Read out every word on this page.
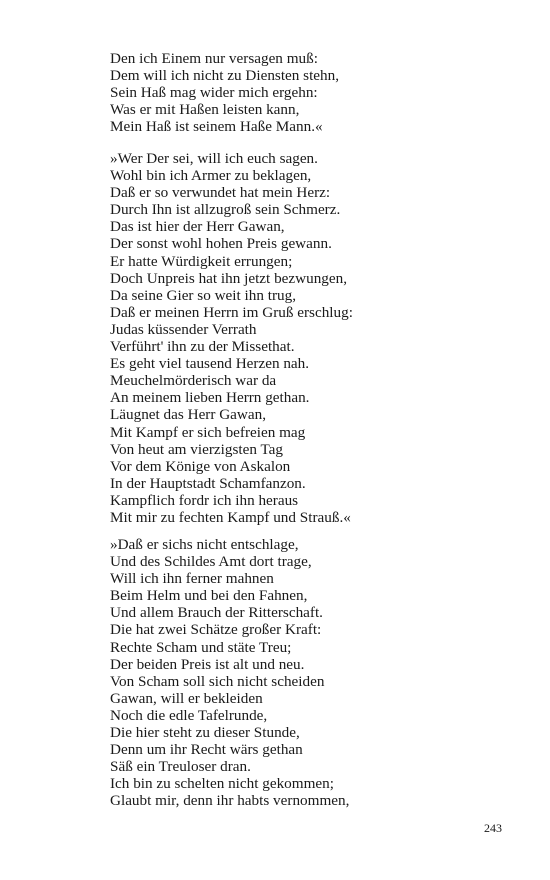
Den ich Einem nur versagen muß:
Dem will ich nicht zu Diensten stehn,
Sein Haß mag wider mich ergehn:
Was er mit Haßen leisten kann,
Mein Haß ist seinem Haße Mann.«
»Wer Der sei, will ich euch sagen.
Wohl bin ich Armer zu beklagen,
Daß er so verwundet hat mein Herz:
Durch Ihn ist allzugroß sein Schmerz.
Das ist hier der Herr Gawan,
Der sonst wohl hohen Preis gewann.
Er hatte Würdigkeit errungen;
Doch Unpreis hat ihn jetzt bezwungen,
Da seine Gier so weit ihn trug,
Daß er meinen Herrn im Gruß erschlug:
Judas küssender Verrath
Verführt' ihn zu der Missethat.
Es geht viel tausend Herzen nah.
Meuchelmörderisch war da
An meinem lieben Herrn gethan.
Läugnet das Herr Gawan,
Mit Kampf er sich befreien mag
Von heut am vierzigsten Tag
Vor dem Könige von Askalon
In der Hauptstadt Schamfanzon.
Kampflich fordr ich ihn heraus
Mit mir zu fechten Kampf und Strauß.«
»Daß er sichs nicht entschlage,
Und des Schildes Amt dort trage,
Will ich ihn ferner mahnen
Beim Helm und bei den Fahnen,
Und allem Brauch der Ritterschaft.
Die hat zwei Schätze großer Kraft:
Rechte Scham und stäte Treu;
Der beiden Preis ist alt und neu.
Von Scham soll sich nicht scheiden
Gawan, will er bekleiden
Noch die edle Tafelrunde,
Die hier steht zu dieser Stunde,
Denn um ihr Recht wärs gethan
Säß ein Treuloser dran.
Ich bin zu schelten nicht gekommen;
Glaubt mir, denn ihr habts vernommen,
243
